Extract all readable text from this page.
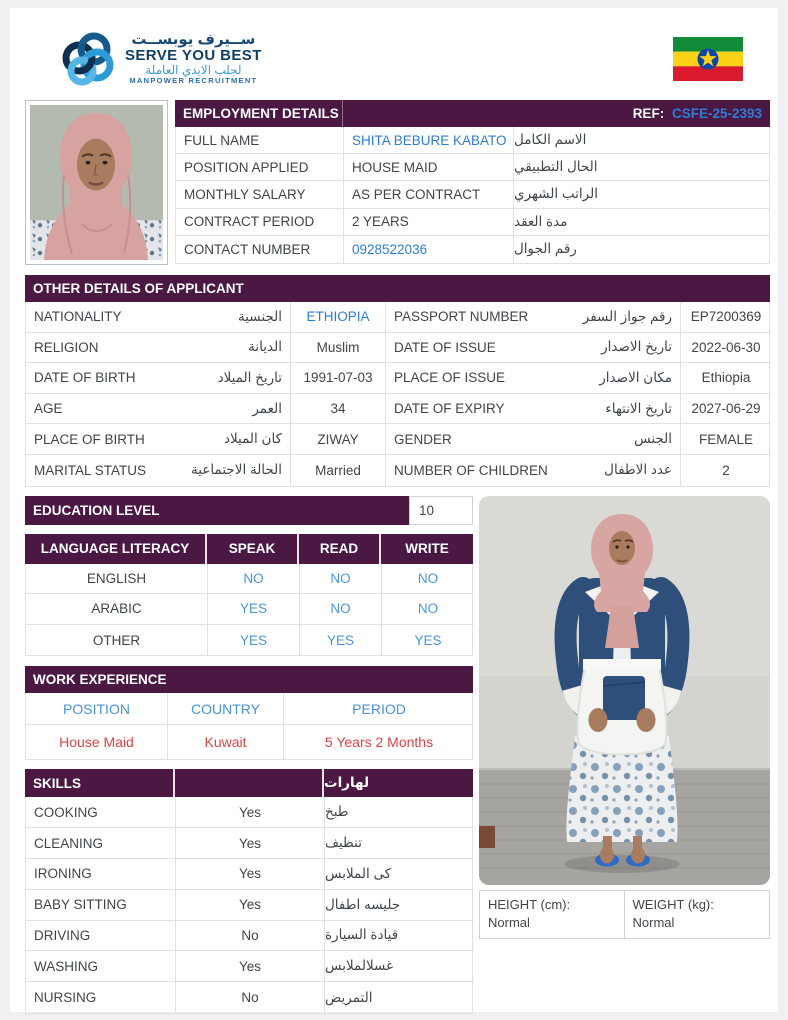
ســيرف يوبســت
SERVE YOU BEST
لجلب الايدي العاملة
MANPOWER RECRUITMENT
EMPLOYMENT DETAILS	REF: CSFE-25-2393
FULL NAME	SHITA BEBURE KABATO الاسم الكامل
POSITION APPLIED	HOUSE MAID	الحال التطبيقي
MONTHLY SALARY	AS PER CONTRACT	الراتب الشهري
CONTRACT PERIOD	2 YEARS	مدة العقد
CONTACT NUMBER	0928522036	رقم الجوال
OTHER DETAILS OF APPLICANT
NATIONALITY	الجنسية	ETHIOPIA	PASSPORT NUMBER	رقم جواز السفر	EP7200369
RELIGION	الديانة	Muslim	DATE OF ISSUE	تاريخ الاصدار	2022-06-30
DATE OF BIRTH	تاريخ الميلاد	1991-07-03	PLACE OF ISSUE	مكان الاصدار	Ethiopia
AGE	العمر	34	DATE OF EXPIRY	تاريخ الانتهاء	2027-06-29
PLACE OF BIRTH	كان الميلاد	ZIWAY	GENDER	الجنس	FEMALE
MARITAL STATUS	الحالة الاجتماعية	Married	NUMBER OF CHILDREN	عدد الاطفال	2
EDUCATION LEVEL	10
LANGUAGE LITERACY	SPEAK	READ	WRITE
ENGLISH	NO	NO	NO
ARABIC	YES	NO	NO
OTHER	YES	YES	YES
WORK EXPERIENCE
POSITION	COUNTRY	PERIOD
House Maid	Kuwait	5 Years 2 Months
SKILLS	لهارات
COOKING	Yes	طبخ
CLEANING	Yes	تنظيف
IRONING	Yes	كى الملابس
BABY SITTING	Yes	جليسه اطفال
DRIVING	No	قيادة السيارة
WASHING	Yes	غسلالملابس
NURSING	No	التمريض
HEIGHT (cm):
Normal
WEIGHT (kg):
Normal
